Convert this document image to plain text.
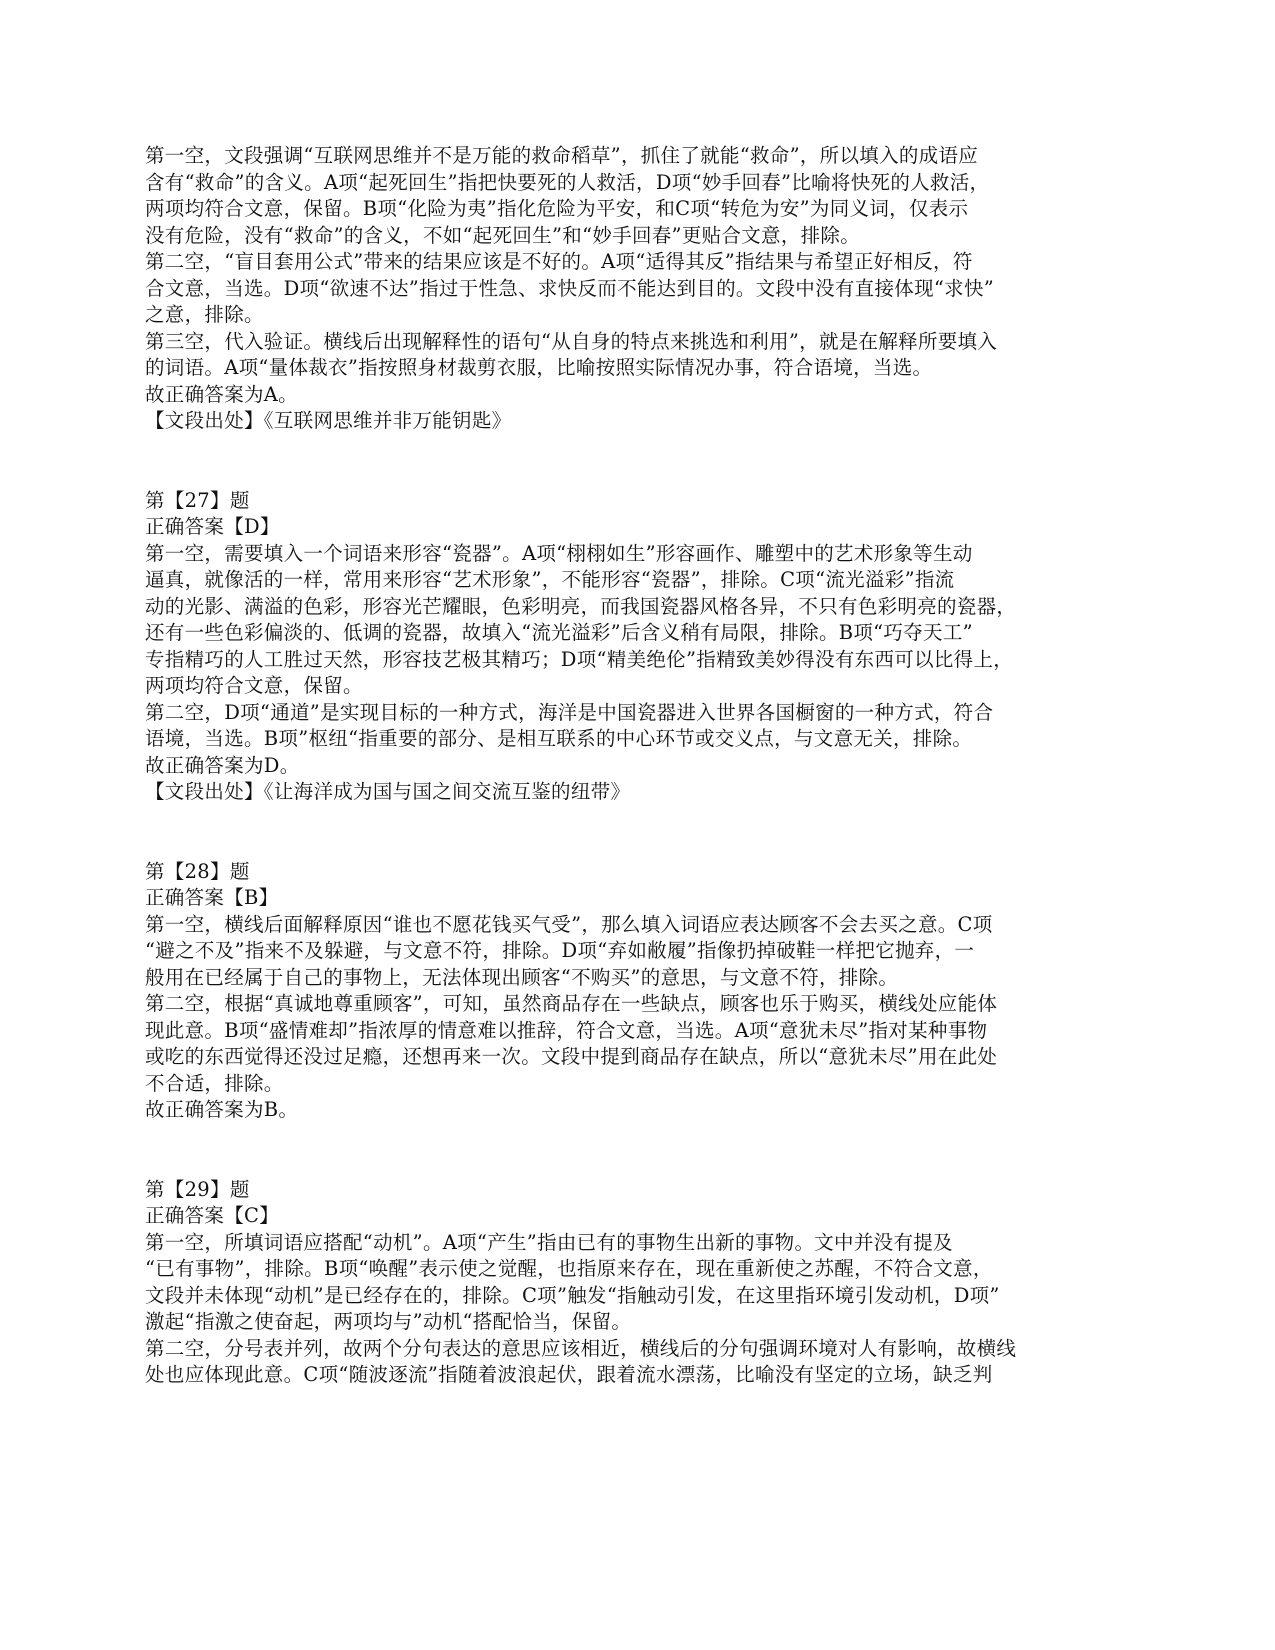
第一空，文段强调“互联网思维并不是万能的救命稻草”，抓住了就能“救命”，所以填入的成语应
含有“救命”的含义。A项“起死回生”指把快要死的人救活，D项“妙手回春”比喻将快死的人救活，
两项均符合文意，保留。B项“化险为夷”指化危险为平安，和C项“转危为安”为同义词，仅表示
没有危险，没有“救命”的含义，不如“起死回生”和“妙手回春”更贴合文意，排除。
第二空，“盲目套用公式”带来的结果应该是不好的。A项“适得其反”指结果与希望正好相反，符
合文意，当选。D项“欲速不达”指过于性急、求快反而不能达到目的。文段中没有直接体现“求快”
之意，排除。
第三空，代入验证。横线后出现解释性的语句“从自身的特点来挑选和利用”，就是在解释所要填入
的词语。A项“量体裁衣”指按照身材裁剪衣服，比喻按照实际情况办事，符合语境，当选。
故正确答案为A。
【文段出处】《互联网思维并非万能钥匙》
第【27】题
正确答案【D】
第一空，需要填入一个词语来形容“瓷器”。A项“栩栩如生”形容画作、雕塑中的艺术形象等生动
逼真，就像活的一样，常用来形容“艺术形象”，不能形容“瓷器”，排除。C项“流光溢彩”指流
动的光影、满溢的色彩，形容光芒耀眼，色彩明亮，而我国瓷器风格各异，不只有色彩明亮的瓷器，
还有一些色彩偏淡的、低调的瓷器，故填入“流光溢彩”后含义稍有局限，排除。B项“巧夺天工”
专指精巧的人工胜过天然，形容技艺极其精巧；D项“精美绝伦”指精致美妙得没有东西可以比得上，
两项均符合文意，保留。
第二空，D项“通道”是实现目标的一种方式，海洋是中国瓷器进入世界各国橱窗的一种方式，符合
语境，当选。B项”枢纽“指重要的部分、是相互联系的中心环节或交义点，与文意无关，排除。
故正确答案为D。
【文段出处】《让海洋成为国与国之间交流互鉴的纽带》
第【28】题
正确答案【B】
第一空，横线后面解释原因“谁也不愿花钱买气受”，那么填入词语应表达顾客不会去买之意。C项
“避之不及”指来不及躲避，与文意不符，排除。D项“弃如敝履”指像扔掉破鞋一样把它抛弃，一
般用在已经属于自己的事物上，无法体现出顾客“不购买”的意思，与文意不符，排除。
第二空，根据“真诚地尊重顾客”，可知，虽然商品存在一些缺点，顾客也乐于购买，横线处应能体
现此意。B项“盛情难却”指浓厚的情意难以推辞，符合文意，当选。A项“意犹未尽”指对某种事物
或吃的东西觉得还没过足瘾，还想再来一次。文段中提到商品存在缺点，所以“意犹未尽”用在此处
不合适，排除。
故正确答案为B。
第【29】题
正确答案【C】
第一空，所填词语应搭配“动机”。A项“产生”指由已有的事物生出新的事物。文中并没有提及
“已有事物”，排除。B项“唤醒”表示使之觉醒，也指原来存在，现在重新使之苏醒，不符合文意，
文段并未体现“动机”是已经存在的，排除。C项”触发“指触动引发，在这里指环境引发动机，D项”
激起“指激之使奋起，两项均与”动机“搭配恰当，保留。
第二空，分号表并列，故两个分句表达的意思应该相近，横线后的分句强调环境对人有影响，故横线
处也应体现此意。C项“随波逐流”指随着波浪起伏，跟着流水漂荡，比喻没有坚定的立场，缺乏判
